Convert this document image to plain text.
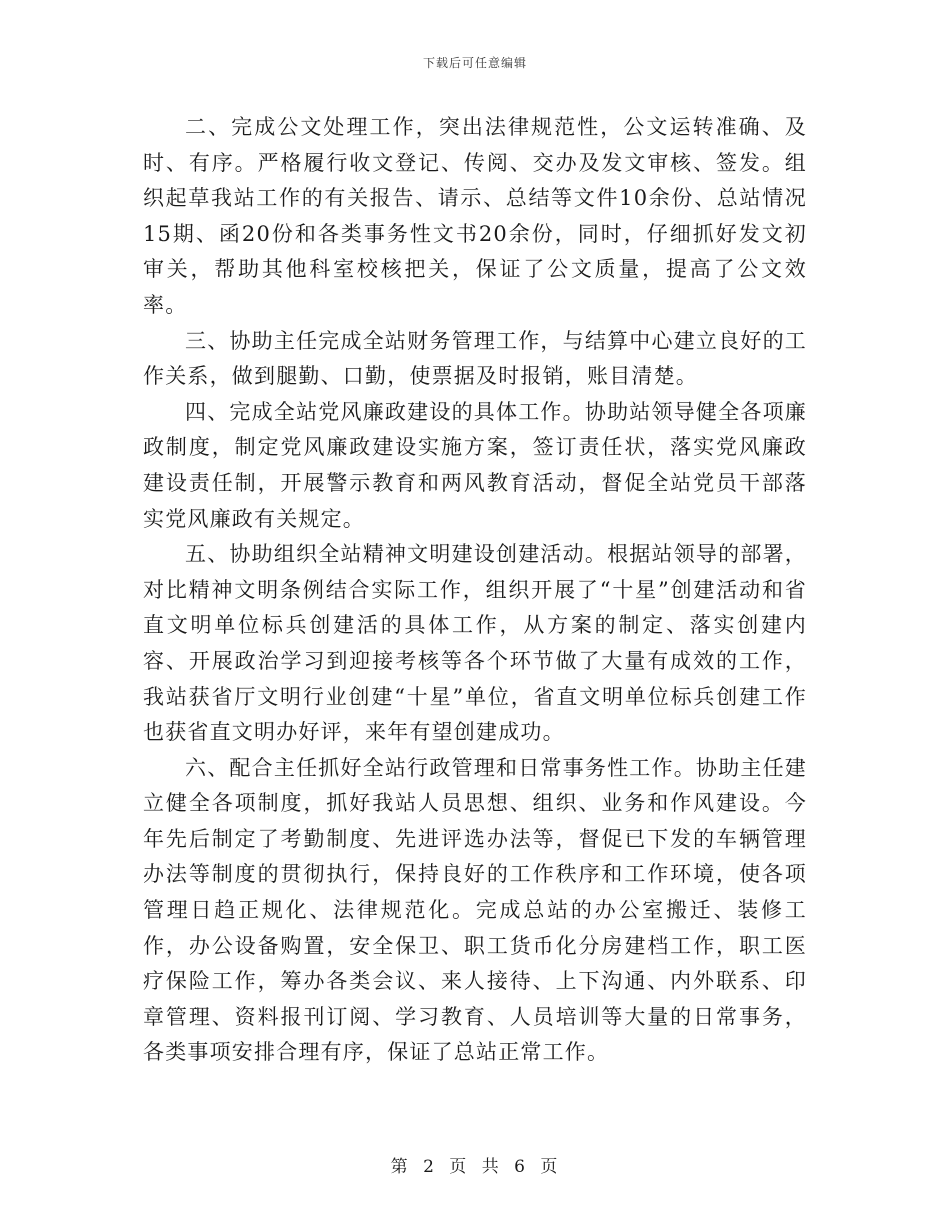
下载后可任意编辑

二、完成公文处理工作，突出法律规范性，公文运转准确、及时、有序。严格履行收文登记、传阅、交办及发文审核、签发。组织起草我站工作的有关报告、请示、总结等文件10余份、总站情况15期、函20份和各类事务性文书20余份，同时，仔细抓好发文初审关，帮助其他科室校核把关，保证了公文质量，提高了公文效率。

三、协助主任完成全站财务管理工作，与结算中心建立良好的工作关系，做到腿勤、口勤，使票据及时报销，账目清楚。

四、完成全站党风廉政建设的具体工作。协助站领导健全各项廉政制度，制定党风廉政建设实施方案，签订责任状，落实党风廉政建设责任制，开展警示教育和两风教育活动，督促全站党员干部落实党风廉政有关规定。

五、协助组织全站精神文明建设创建活动。根据站领导的部署，对比精神文明条例结合实际工作，组织开展了“十星”创建活动和省直文明单位标兵创建活的具体工作，从方案的制定、落实创建内容、开展政治学习到迎接考核等各个环节做了大量有成效的工作，我站获省厅文明行业创建“十星”单位，省直文明单位标兵创建工作也获省直文明办好评，来年有望创建成功。

六、配合主任抓好全站行政管理和日常事务性工作。协助主任建立健全各项制度，抓好我站人员思想、组织、业务和作风建设。今年先后制定了考勤制度、先进评选办法等，督促已下发的车辆管理办法等制度的贯彻执行，保持良好的工作秩序和工作环境，使各项管理日趋正规化、法律规范化。完成总站的办公室搬迁、装修工作，办公设备购置，安全保卫、职工货币化分房建档工作，职工医疗保险工作，筹办各类会议、来人接待、上下沟通、内外联系、印章管理、资料报刊订阅、学习教育、人员培训等大量的日常事务，各类事项安排合理有序，保证了总站正常工作。

第 2 页 共 6 页
